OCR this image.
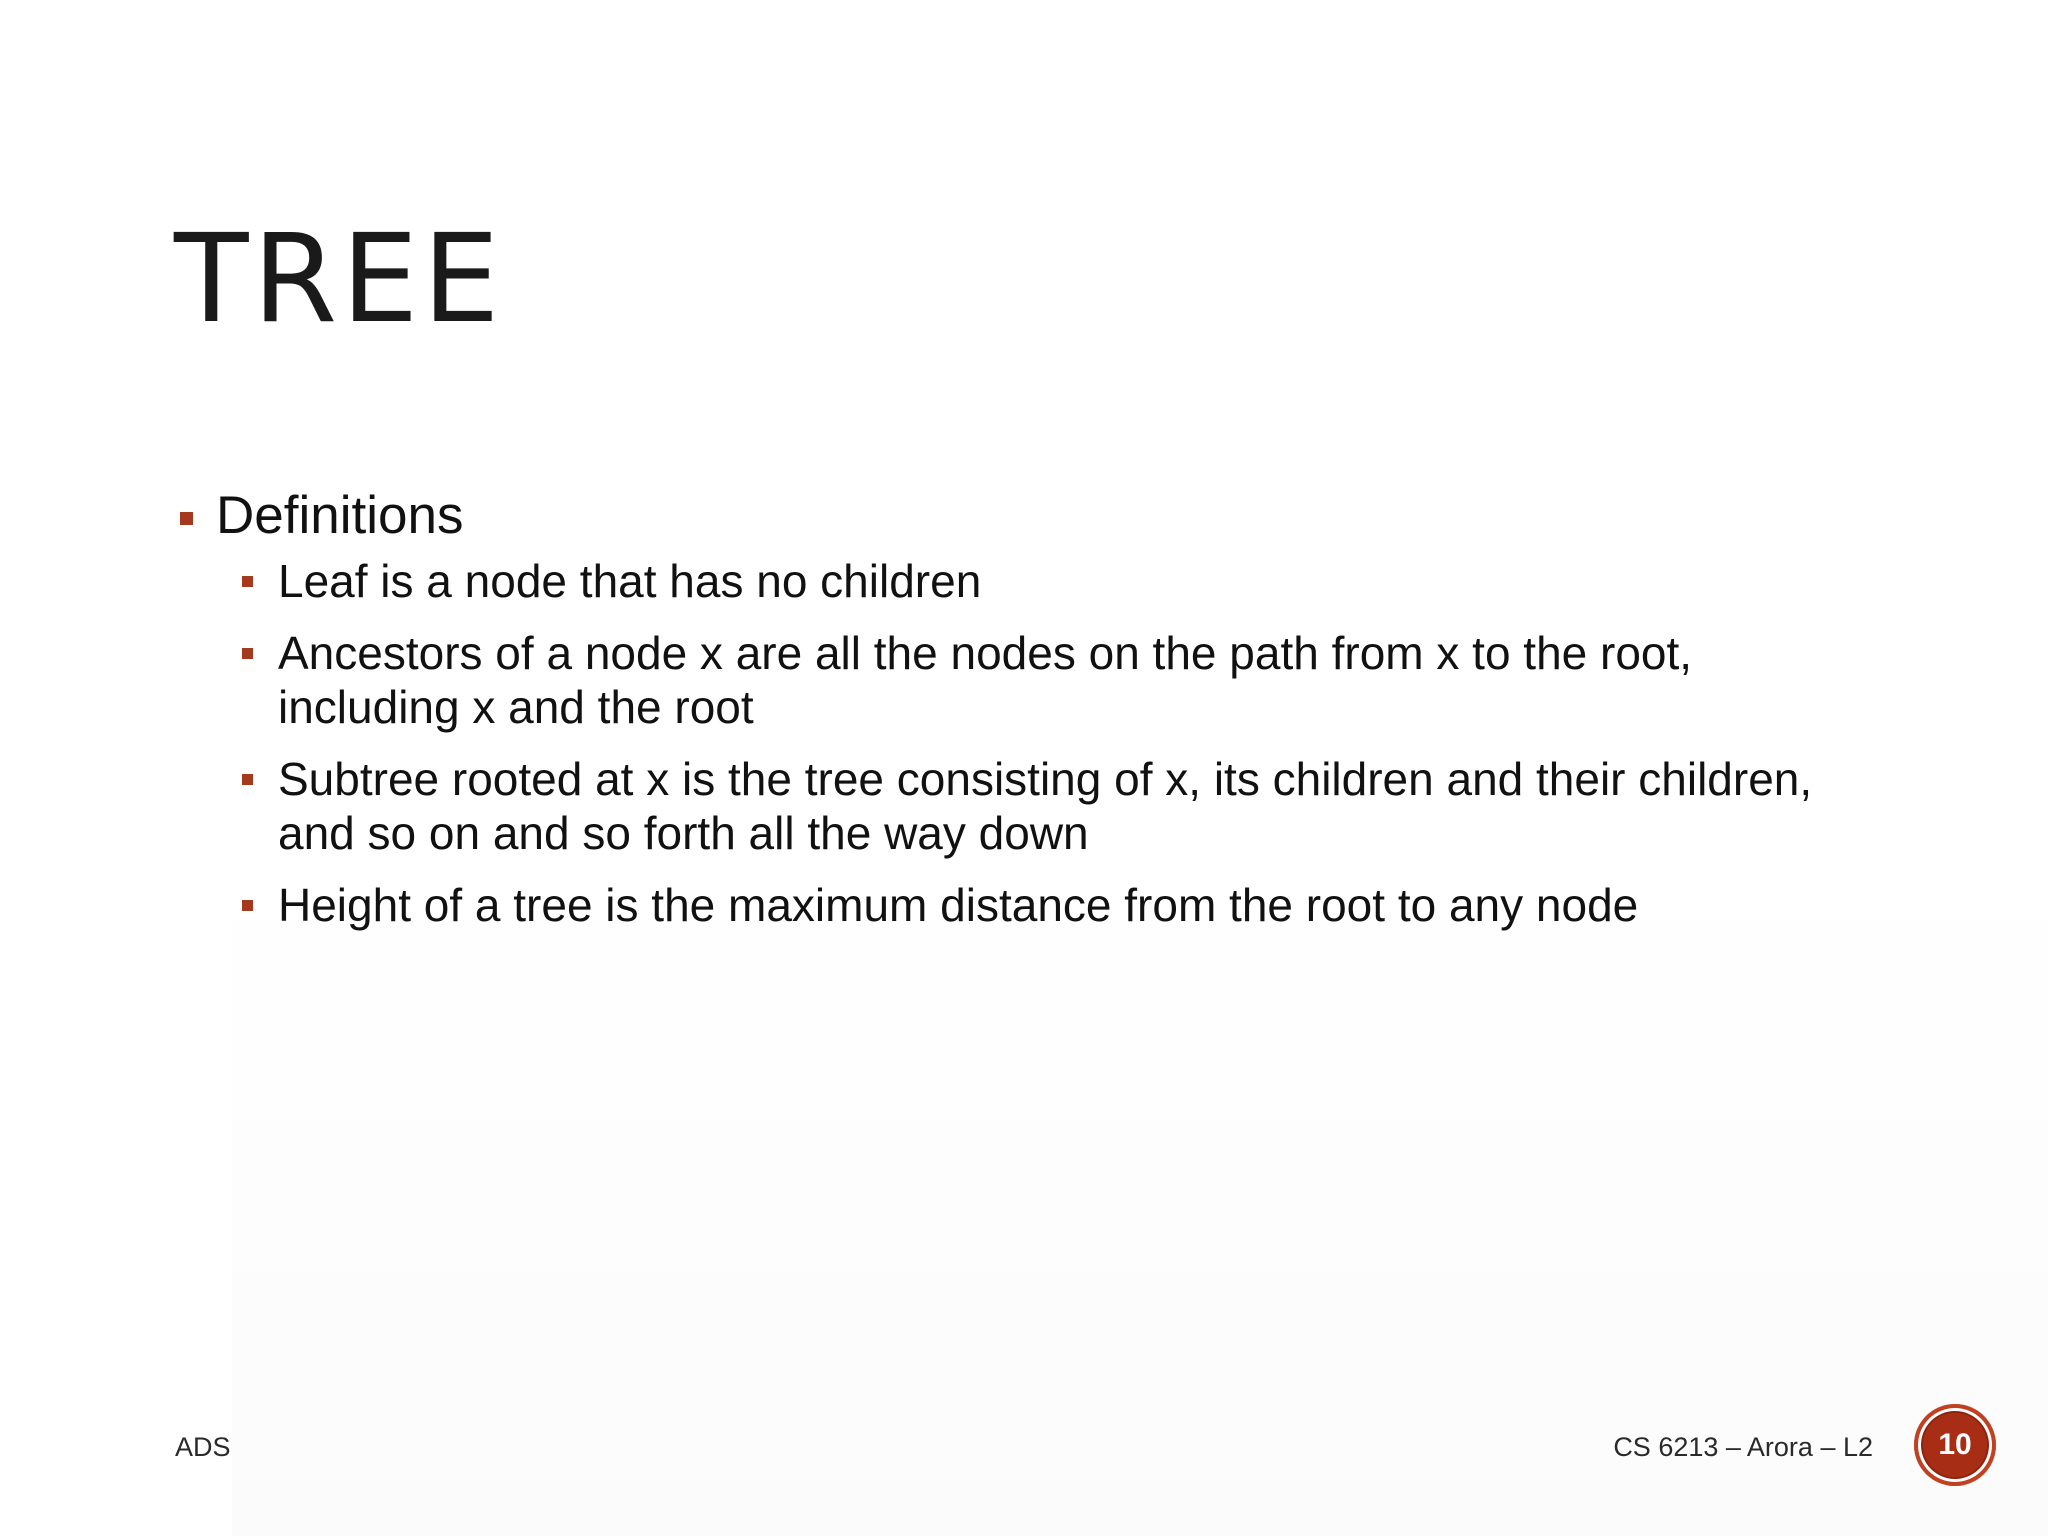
TREE
Definitions
Leaf is a node that has no children
Ancestors of a node x are all the nodes on the path from x to the root, including x and the root
Subtree rooted at x is the tree consisting of x, its children and their children, and so on and so forth all the way down
Height of a tree is the maximum distance from the root to any node
ADS	CS 6213 – Arora – L2 10
